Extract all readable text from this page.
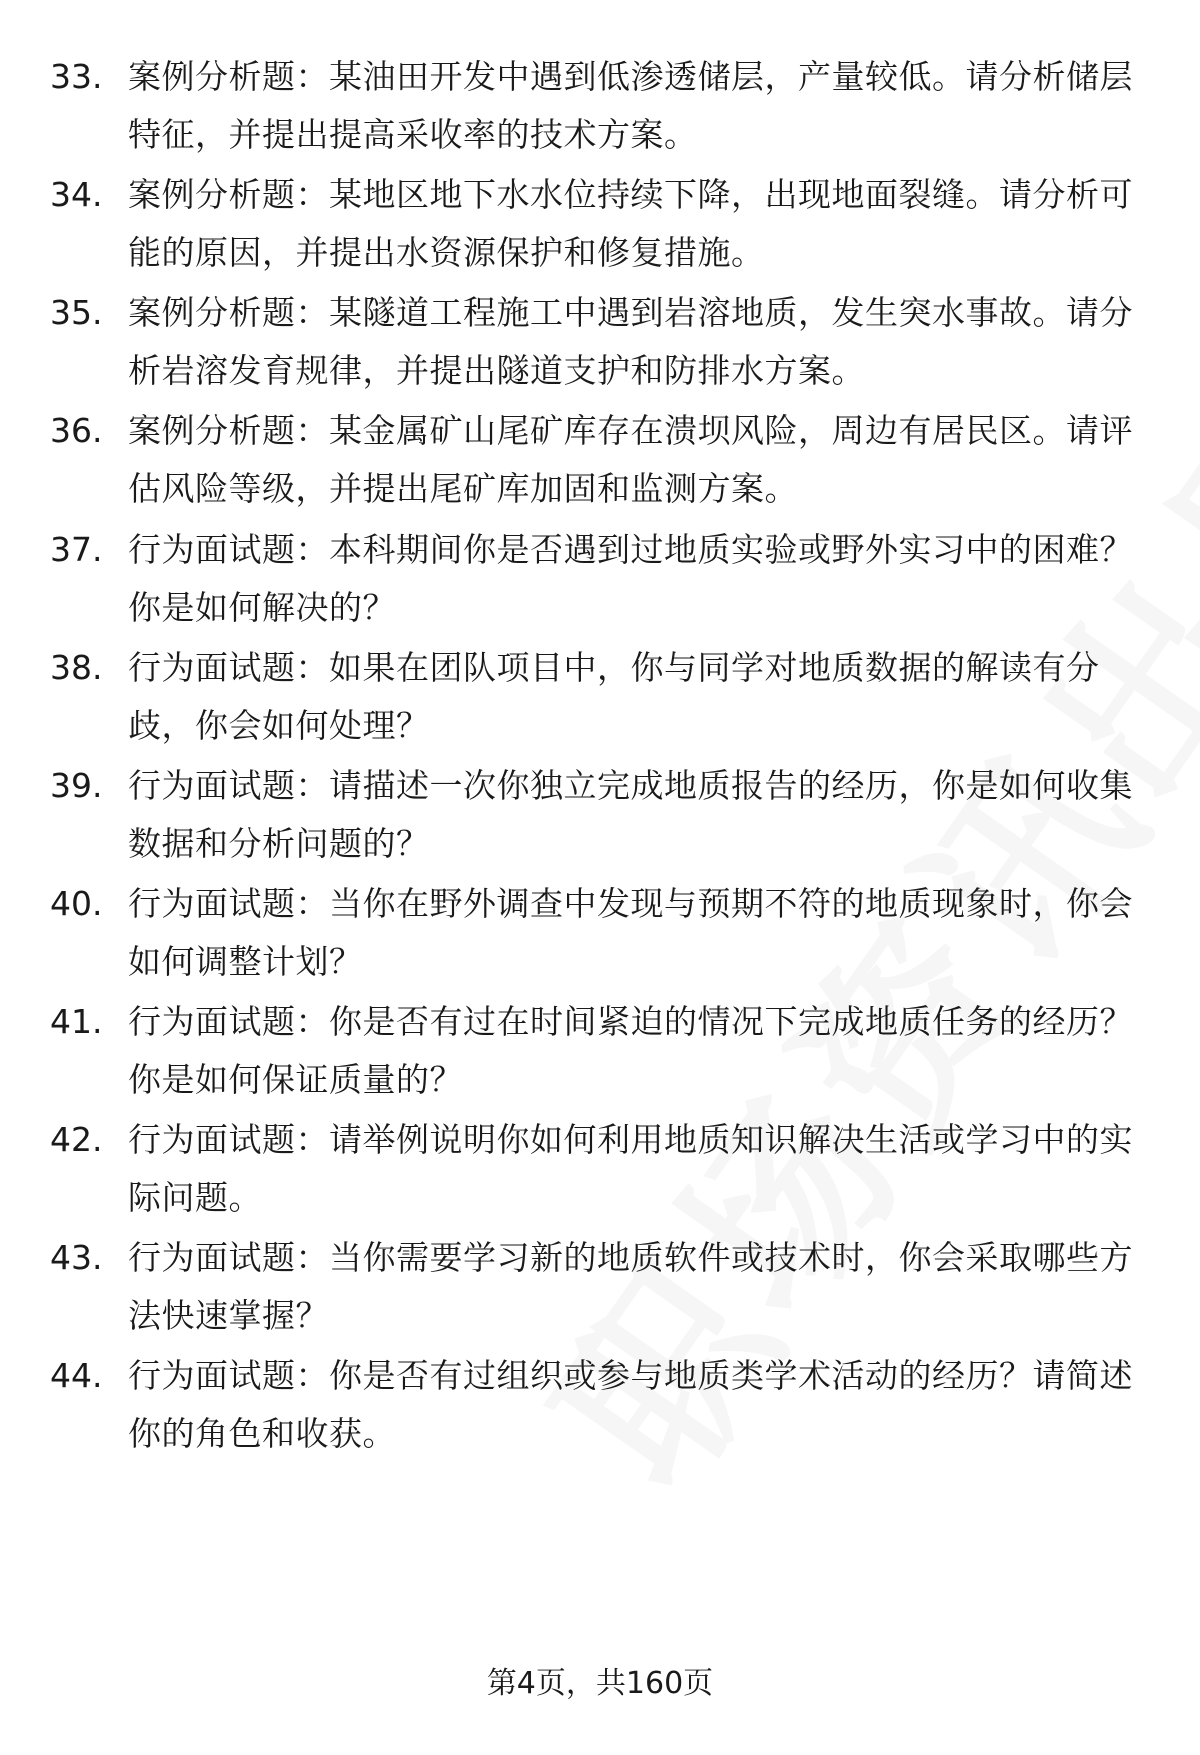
33. 案例分析题：某油田开发中遇到低渗透储层，产量较低。请分析储层特征，并提出提高采收率的技术方案。
34. 案例分析题：某地区地下水水位持续下降，出现地面裂缝。请分析可能的原因，并提出水资源保护和修复措施。
35. 案例分析题：某隧道工程施工中遇到岩溶地质，发生突水事故。请分析岩溶发育规律，并提出隧道支护和防排水方案。
36. 案例分析题：某金属矿山尾矿库存在溃坝风险，周边有居民区。请评估风险等级，并提出尾矿库加固和监测方案。
37. 行为面试题：本科期间你是否遇到过地质实验或野外实习中的困难？你是如何解决的？
38. 行为面试题：如果在团队项目中，你与同学对地质数据的解读有分歧，你会如何处理？
39. 行为面试题：请描述一次你独立完成地质报告的经历，你是如何收集数据和分析问题的？
40. 行为面试题：当你在野外调查中发现与预期不符的地质现象时，你会如何调整计划？
41. 行为面试题：你是否有过在时间紧迫的情况下完成地质任务的经历？你是如何保证质量的？
42. 行为面试题：请举例说明你如何利用地质知识解决生活或学习中的实际问题。
43. 行为面试题：当你需要学习新的地质软件或技术时，你会采取哪些方法快速掌握？
44. 行为面试题：你是否有过组织或参与地质类学术活动的经历？请简述你的角色和收获。
第4页，共160页
